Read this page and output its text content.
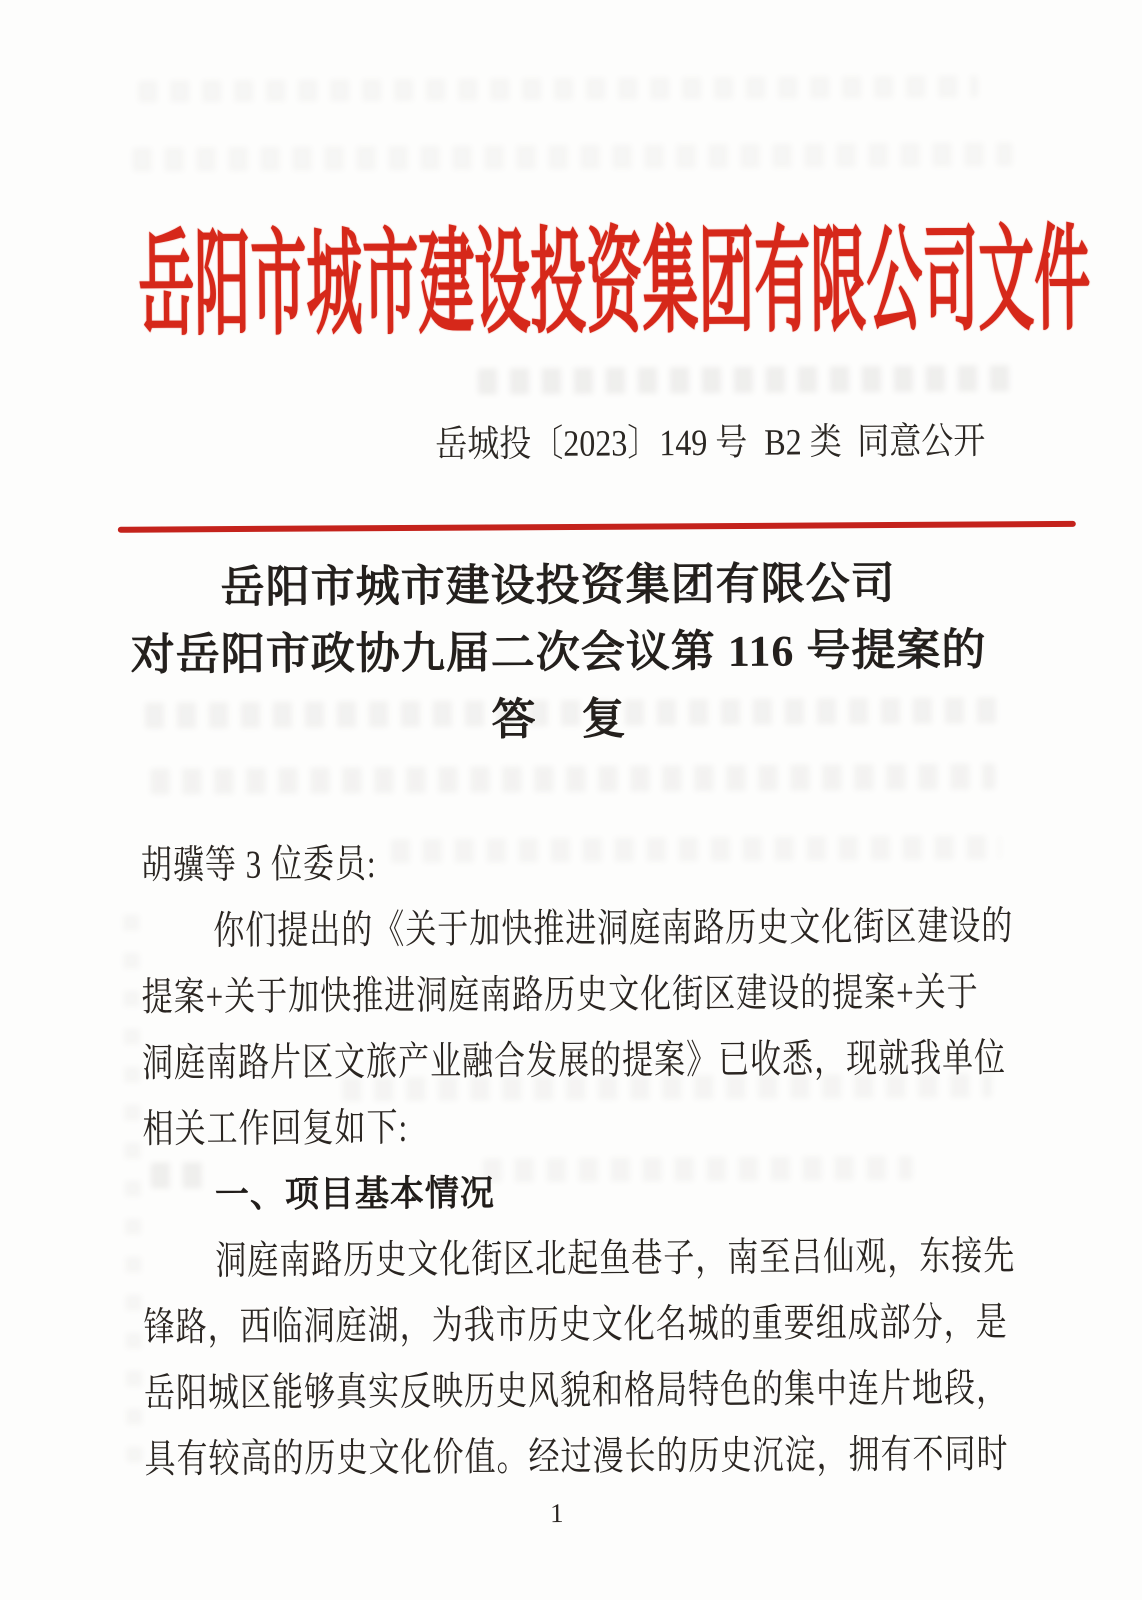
岳阳市城市建设投资集团有限公司文件
岳城投〔2023〕149 号 B2 类 同意公开
岳阳市城市建设投资集团有限公司
对岳阳市政协九届二次会议第 116 号提案的
答　复
胡骥等 3 位委员:
你们提出的《关于加快推进洞庭南路历史文化街区建设的
提案+关于加快推进洞庭南路历史文化街区建设的提案+关于
洞庭南路片区文旅产业融合发展的提案》已收悉，现就我单位
相关工作回复如下:
一、项目基本情况
洞庭南路历史文化街区北起鱼巷子，南至吕仙观，东接先
锋路，西临洞庭湖，为我市历史文化名城的重要组成部分，是
岳阳城区能够真实反映历史风貌和格局特色的集中连片地段，
具有较高的历史文化价值。经过漫长的历史沉淀，拥有不同时
1
